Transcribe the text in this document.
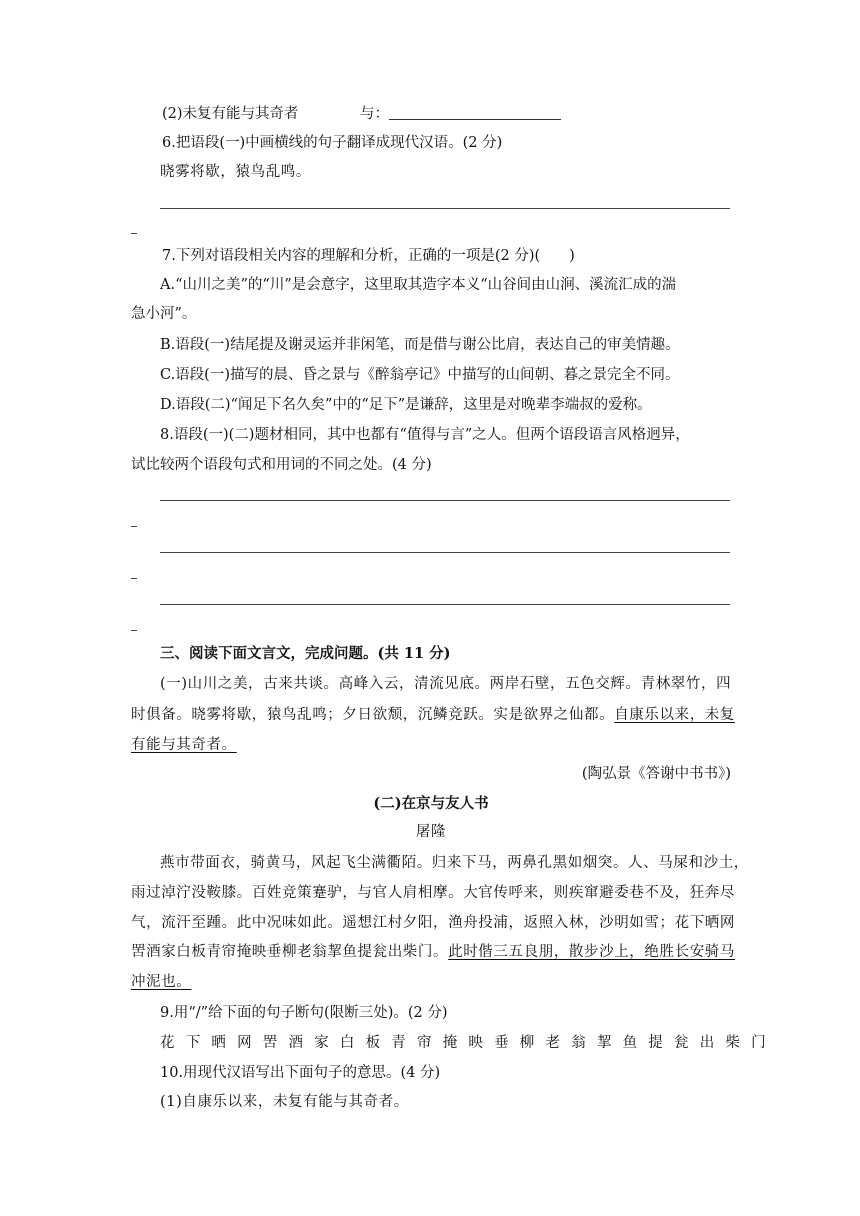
(2)未复有能与其奇者	与：
6.把语段(一)中画横线的句子翻译成现代汉语。(2 分)
晓雾将歇，猿鸟乱鸣。
7.下列对语段相关内容的理解和分析，正确的一项是(2 分)(　　)
A.“山川之美”的“川”是会意字，这里取其造字本义“山谷间由山涧、溪流汇成的湍
急小河”。
B.语段(一)结尾提及谢灵运并非闲笔，而是借与谢公比肩，表达自己的审美情趣。
C.语段(一)描写的晨、昏之景与《醉翁亭记》中描写的山间朝、暮之景完全不同。
D.语段(二)“闻足下名久矣”中的“足下”是谦辞，这里是对晚辈李端叔的爱称。
8.语段(一)(二)题材相同，其中也都有“值得与言”之人。但两个语段语言风格迥异，
试比较两个语段句式和用词的不同之处。(4 分)
三、阅读下面文言文，完成问题。(共 11 分)
(一)山川之美，古来共谈。高峰入云，清流见底。两岸石壁，五色交辉。青林翠竹，四
时俱备。晓雾将歇，猿鸟乱鸣；夕日欲颓，沉鳞竞跃。实是欲界之仙都。自康乐以来，未复
有能与其奇者。
(陶弘景《答谢中书书》)
(二)在京与友人书
屠隆
燕市带面衣，骑黄马，风起飞尘满衢陌。归来下马，两鼻孔黑如烟突。人、马屎和沙土，
雨过淖泞没鞍膝。百姓竞策蹇驴，与官人肩相摩。大官传呼来，则疾窜避委巷不及，狂奔尽
气，流汗至踵。此中况味如此。遥想江村夕阳，渔舟投浦，返照入林，沙明如雪；花下晒网
罟酒家白板青帘掩映垂柳老翁挈鱼提瓮出柴门。此时偕三五良朋，散步沙上，绝胜长安骑马
冲泥也。
9.用“/”给下面的句子断句(限断三处)。(2 分)
花下晒网罟酒家白板青帘掩映垂柳老翁挈鱼提瓮出柴门
10.用现代汉语写出下面句子的意思。(4 分)
(1)自康乐以来，未复有能与其奇者。
